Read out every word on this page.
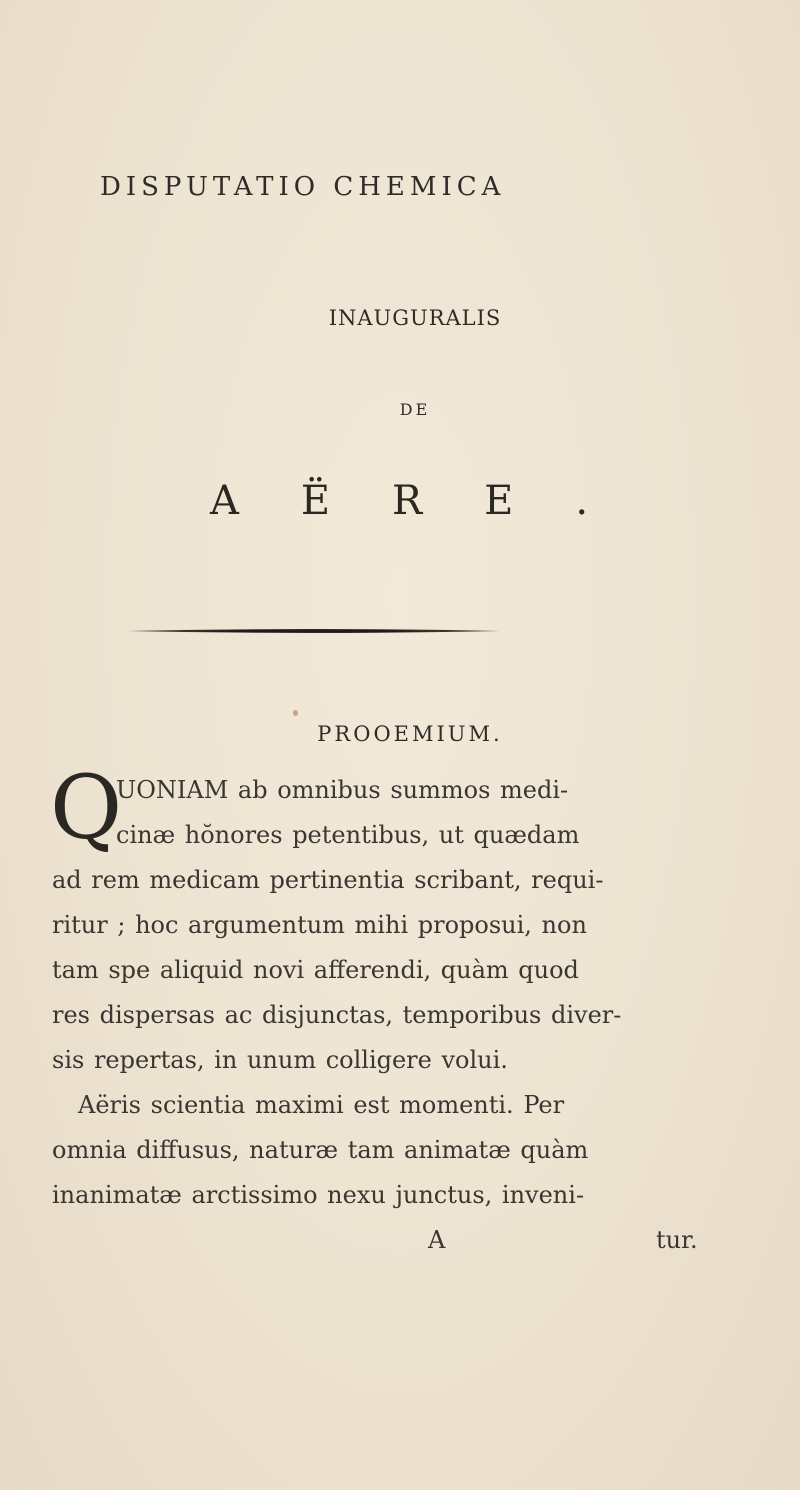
DISPUTATIO CHEMICA
INAUGURALIS
DE
AËRE.
PROOEMIUM.
Q
UONIAM ab omnibus summos medi-
cinæ hŏnores petentibus, ut quædam
ad rem medicam pertinentia scribant, requi-
ritur ; hoc argumentum mihi proposui, non
tam spe aliquid novi afferendi, quàm quod
res dispersas ac disjunctas, temporibus diver-
sis repertas, in unum colligere volui.
Aëris scientia maximi est momenti. Per
omnia diffusus, naturæ tam animatæ quàm
inanimatæ arctissimo nexu junctus, inveni-
A	tur.
